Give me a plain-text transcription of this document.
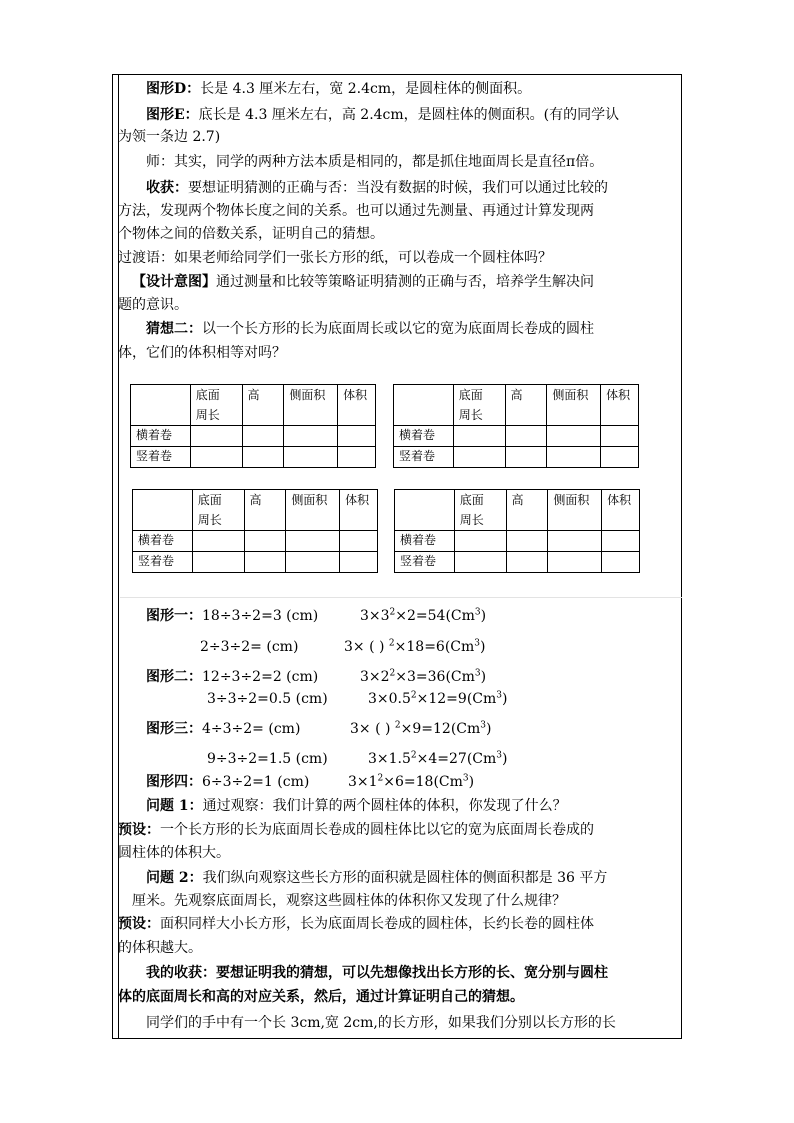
图形D：长是 4.3 厘米左右，宽 2.4cm，是圆柱体的侧面积。
图形E：底长是 4.3 厘米左右，高 2.4cm，是圆柱体的侧面积。(有的同学认
为领一条边 2.7)
师：其实，同学的两种方法本质是相同的，都是抓住地面周长是直径π倍。
收获：要想证明猜测的正确与否：当没有数据的时候，我们可以通过比较的
方法，发现两个物体长度之间的关系。也可以通过先测量、再通过计算发现两
个物体之间的倍数关系，证明自己的猜想。
过渡语：如果老师给同学们一张长方形的纸，可以卷成一个圆柱体吗？
【设计意图】通过测量和比较等策略证明猜测的正确与否，培养学生解决问
题的意识。
猜想二：以一个长方形的长为底面周长或以它的宽为底面周长卷成的圆柱
体，它们的体积相等对吗？
	底面
周长	高	侧面积	体积
横着卷				
竖着卷				
	底面
周长	高	侧面积	体积
横着卷				
竖着卷				
	底面
周长	高	侧面积	体积
横着卷				
竖着卷				
	底面
周长	高	侧面积	体积
横着卷				
竖着卷				
图形一：18÷3÷2=3 (cm)	$3\times 3^2\times 2=54(Cm^3)$
2÷3÷2= (cm)	3× ( ) $^2\times 18=6(Cm^3)$
图形二：12÷3÷2=2 (cm)	$3\times 2^2\times 3=36(Cm^3)$
3÷3÷2=0.5 (cm)	$3\times 0.5^2\times 12=9(Cm^3)$
图形三：4÷3÷2= (cm)	3× ( ) $^2\times 9=12(Cm^3)$
9÷3÷2=1.5 (cm)	$3\times 1.5^2\times 4=27(Cm^3)$
图形四：6÷3÷2=1 (cm)	$3\times 1^2\times 6=18(Cm^3)$
问题 1：通过观察：我们计算的两个圆柱体的体积，你发现了什么？
预设：一个长方形的长为底面周长卷成的圆柱体比以它的宽为底面周长卷成的
圆柱体的体积大。
问题 2：我们纵向观察这些长方形的面积就是圆柱体的侧面积都是 36 平方
厘米。先观察底面周长，观察这些圆柱体的体积你又发现了什么规律？
预设：面积同样大小长方形，长为底面周长卷成的圆柱体，长约长卷的圆柱体
的体积越大。
我的收获：要想证明我的猜想，可以先想像找出长方形的长、宽分别与圆柱
体的底面周长和高的对应关系，然后，通过计算证明自己的猜想。
同学们的手中有一个长 3cm,宽 2cm,的长方形，如果我们分别以长方形的长
